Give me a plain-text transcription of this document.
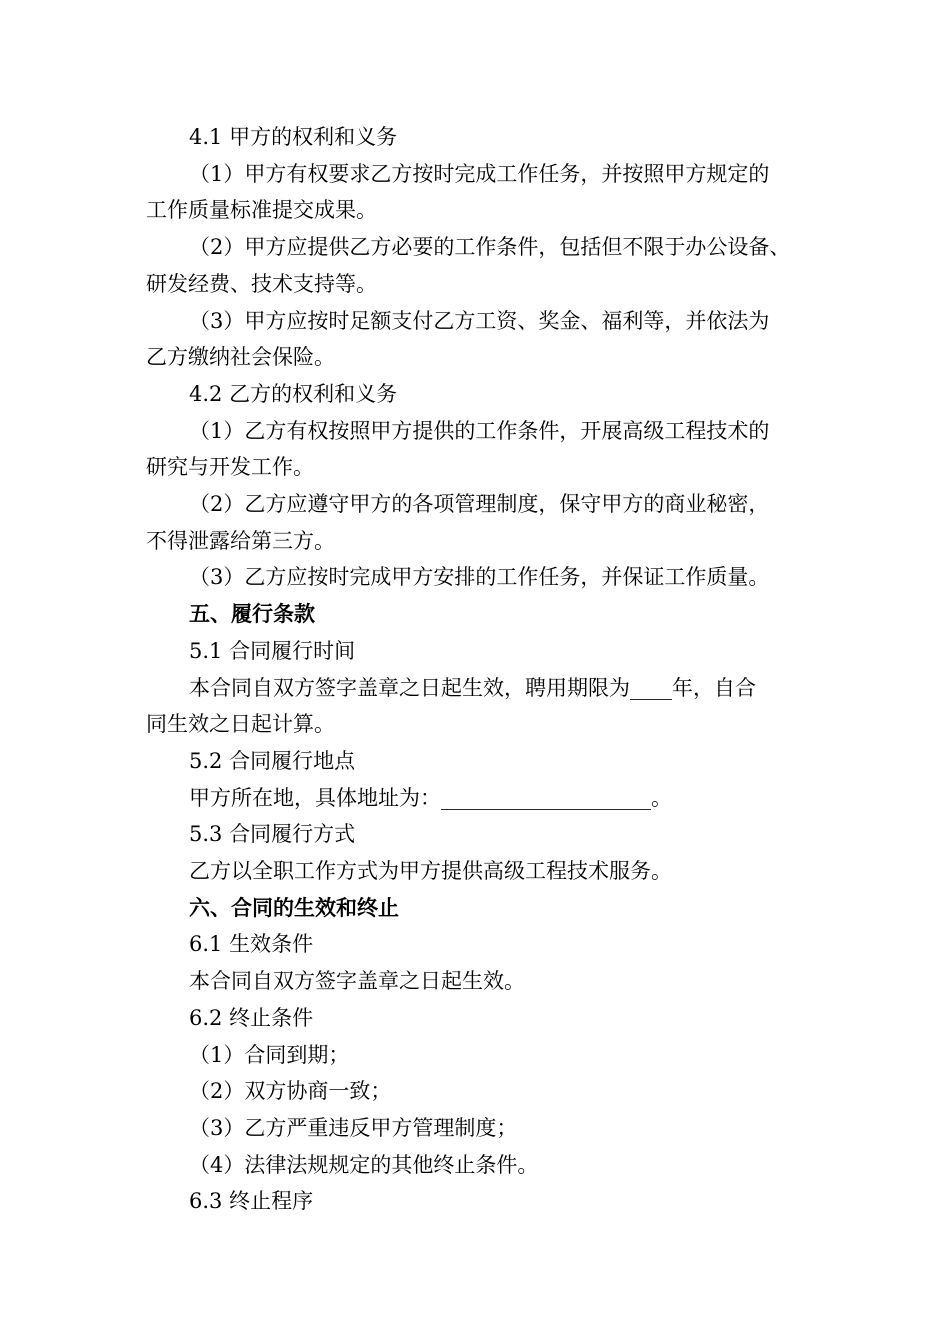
4.1 甲方的权利和义务
（1）甲方有权要求乙方按时完成工作任务，并按照甲方规定的
工作质量标准提交成果。
（2）甲方应提供乙方必要的工作条件，包括但不限于办公设备、
研发经费、技术支持等。
（3）甲方应按时足额支付乙方工资、奖金、福利等，并依法为
乙方缴纳社会保险。
4.2 乙方的权利和义务
（1）乙方有权按照甲方提供的工作条件，开展高级工程技术的
研究与开发工作。
（2）乙方应遵守甲方的各项管理制度，保守甲方的商业秘密，
不得泄露给第三方。
（3）乙方应按时完成甲方安排的工作任务，并保证工作质量。
五、履行条款
5.1 合同履行时间
本合同自双方签字盖章之日起生效，聘用期限为____年，自合
同生效之日起计算。
5.2 合同履行地点
甲方所在地，具体地址为：____________________。
5.3 合同履行方式
乙方以全职工作方式为甲方提供高级工程技术服务。
六、合同的生效和终止
6.1 生效条件
本合同自双方签字盖章之日起生效。
6.2 终止条件
（1）合同到期；
（2）双方协商一致；
（3）乙方严重违反甲方管理制度；
（4）法律法规规定的其他终止条件。
6.3 终止程序
